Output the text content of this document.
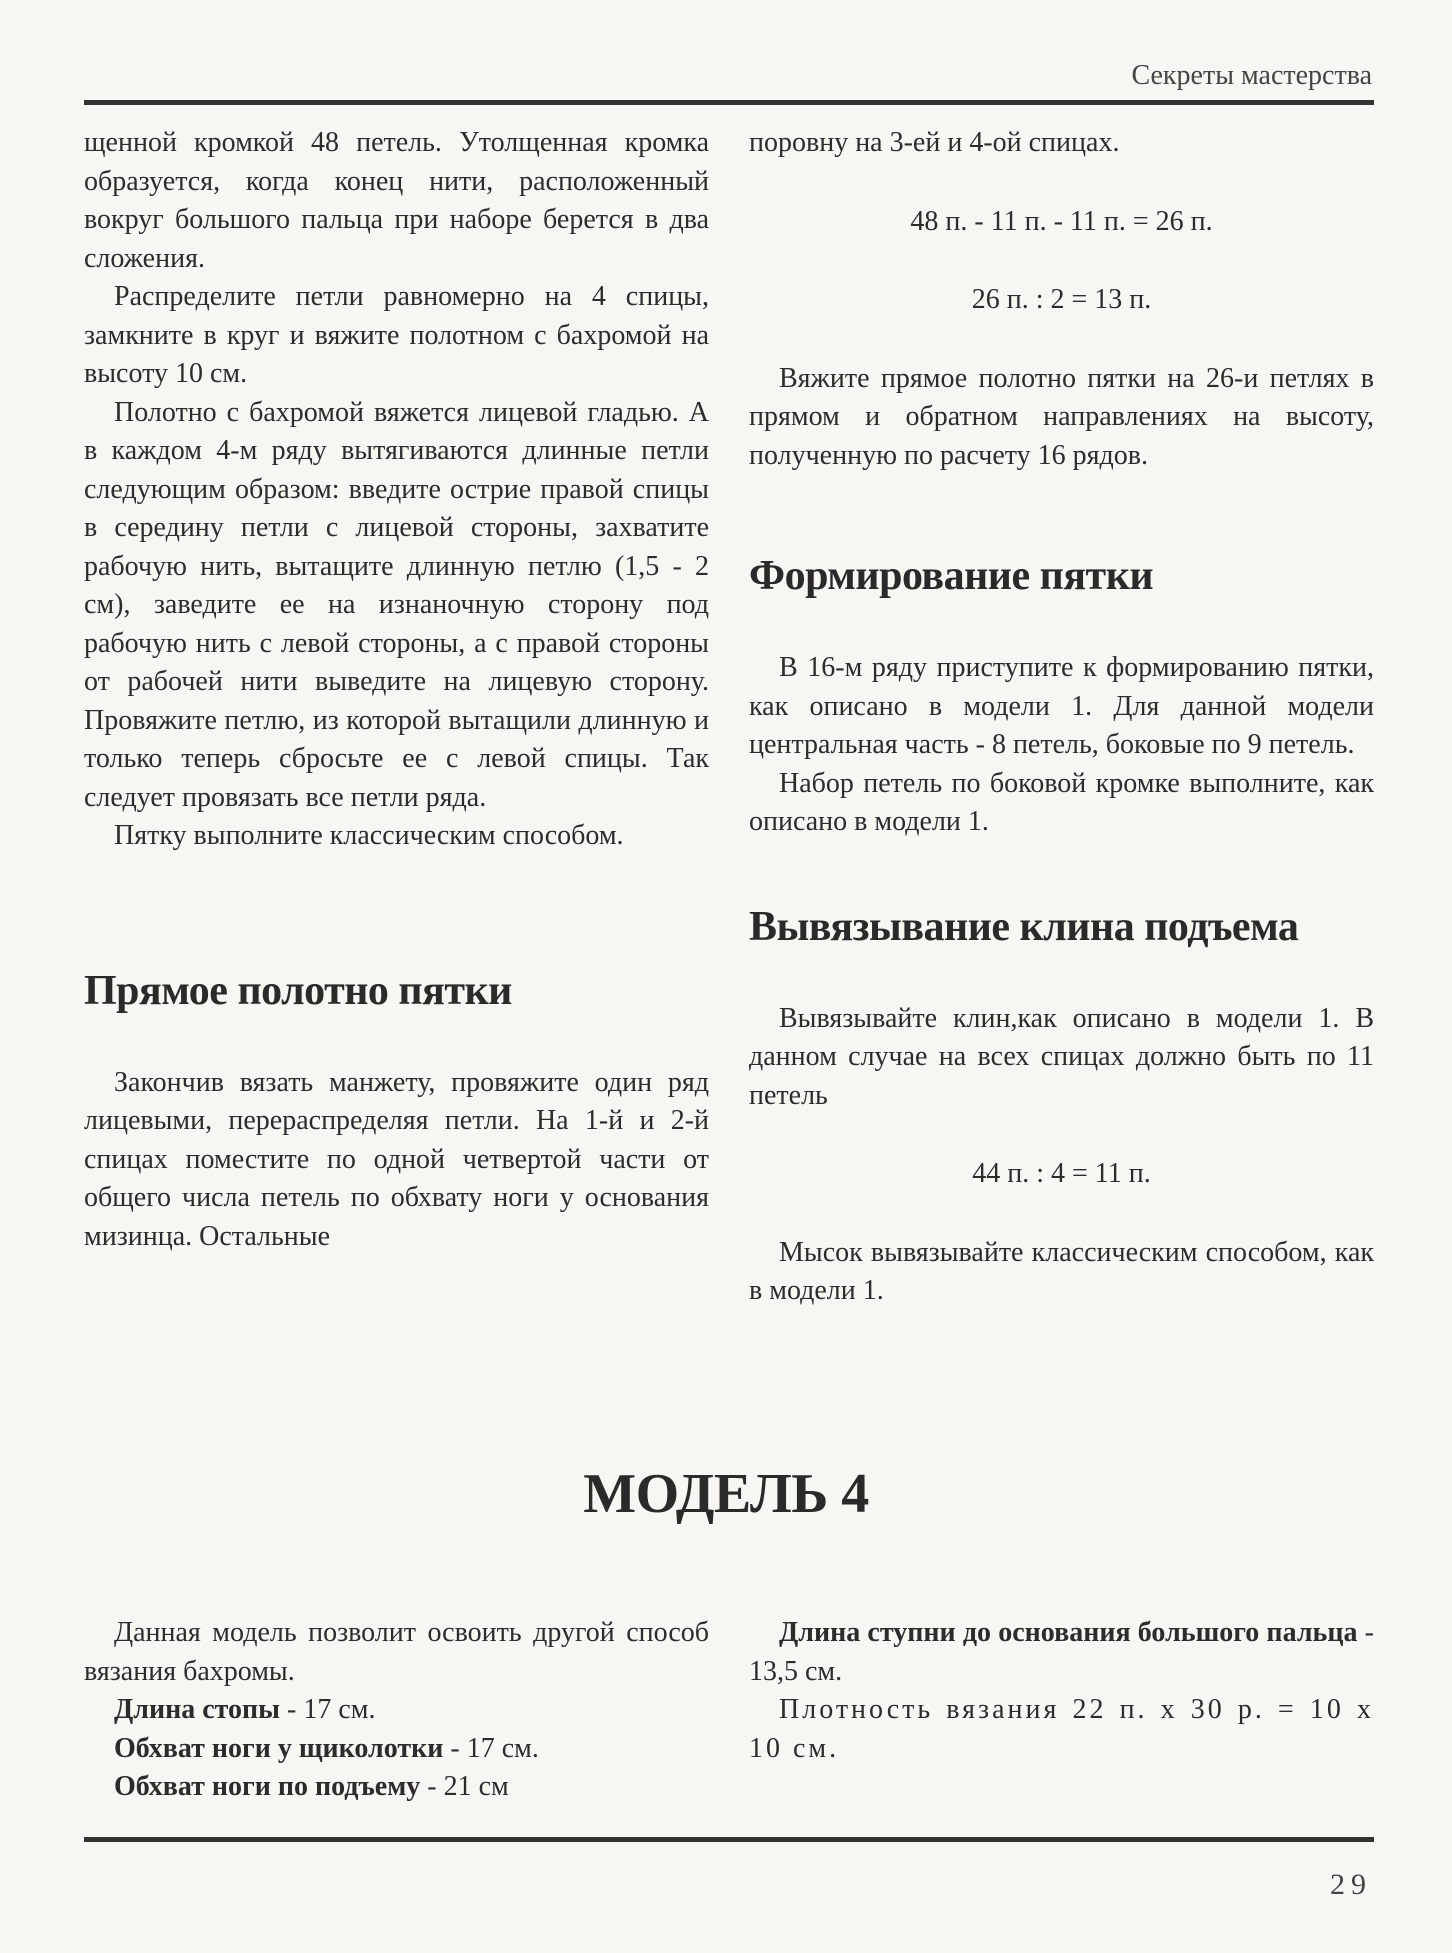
Секреты мастерства

щенной кромкой 48 петель. Утолщенная кромка образуется, когда конец нити, расположенный вокруг большого пальца при наборе берется в два сложения.

Распределите петли равномерно на 4 спицы, замкните в круг и вяжите полотном с бахромой на высоту 10 см.

Полотно с бахромой вяжется лицевой гладью. А в каждом 4-м ряду вытягиваются длинные петли следующим образом: введите острие правой спицы в середину петли с лицевой стороны, захватите рабочую нить, вытащите длинную петлю (1,5 - 2 см), заведите ее на изнаночную сторону под рабочую нить с левой стороны, а с правой стороны от рабочей нити выведите на лицевую сторону. Провяжите петлю, из которой вытащили длинную и только теперь сбросьте ее с левой спицы. Так следует провязать все петли ряда.

Пятку выполните классическим способом.

Прямое полотно пятки

Закончив вязать манжету, провяжите один ряд лицевыми, перераспределяя петли. На 1-й и 2-й спицах поместите по одной четвертой части от общего числа петель по обхвату ноги у основания мизинца. Остальные

поровну на 3-ей и 4-ой спицах.

48 п. - 11 п. - 11 п. = 26 п.

26 п. : 2 = 13 п.

Вяжите прямое полотно пятки на 26-и петлях в прямом и обратном направлениях на высоту, полученную по расчету 16 рядов.

Формирование пятки

В 16-м ряду приступите к формированию пятки, как описано в модели 1. Для данной модели центральная часть - 8 петель, боковые по 9 петель.

Набор петель по боковой кромке выполните, как описано в модели 1.

Вывязывание клина подъема

Вывязывайте клин,как описано в модели 1. В данном случае на всех спицах должно быть по 11 петель

44 п. : 4 = 11 п.

Мысок вывязывайте классическим способом, как в модели 1.

МОДЕЛЬ 4

Данная модель позволит освоить другой способ вязания бахромы.

Длина стопы - 17 см.

Обхват ноги у щиколотки - 17 см.

Обхват ноги по подъему - 21 см

Длина ступни до основания большого пальца - 13,5 см.

Плотность вязания 22 п. х 30 р. = 10 х 10 см.

29
